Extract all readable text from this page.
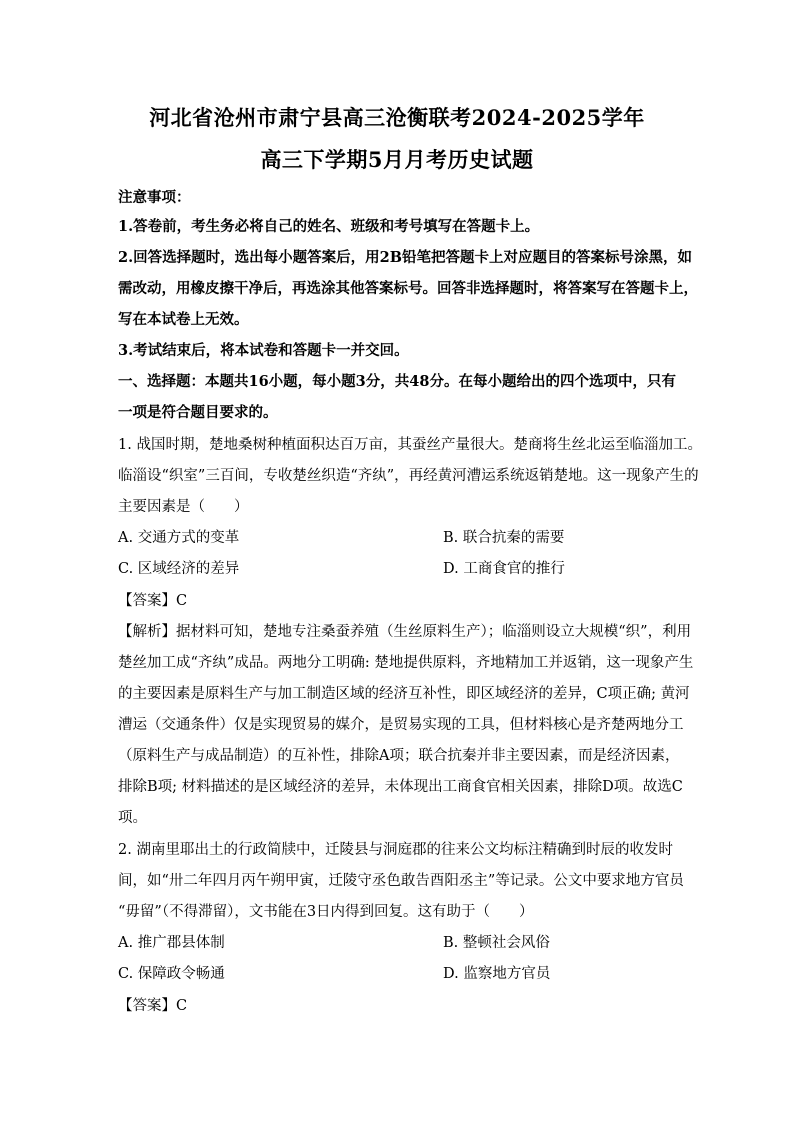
河北省沧州市肃宁县高三沧衡联考2024-2025学年
高三下学期5月月考历史试题
注意事项：
1.答卷前，考生务必将自己的姓名、班级和考号填写在答题卡上。
2.回答选择题时，选出每小题答案后，用2B铅笔把答题卡上对应题目的答案标号涂黑，如
需改动，用橡皮擦干净后，再选涂其他答案标号。回答非选择题时，将答案写在答题卡上，
写在本试卷上无效。
3.考试结束后，将本试卷和答题卡一并交回。
一、选择题：本题共16小题，每小题3分，共48分。在每小题给出的四个选项中，只有
一项是符合题目要求的。
1. 战国时期，楚地桑树种植面积达百万亩，其蚕丝产量很大。楚商将生丝北运至临淄加工。
临淄设“织室”三百间，专收楚丝织造“齐纨”，再经黄河漕运系统返销楚地。这一现象产生的
主要因素是（　　）
A. 交通方式的变革	B. 联合抗秦的需要
C. 区域经济的差异	D. 工商食官的推行
【答案】C
【解析】据材料可知，楚地专注桑蚕养殖（生丝原料生产）；临淄则设立大规模“织”，利用
楚丝加工成“齐纨”成品。两地分工明确: 楚地提供原料，齐地精加工并返销，这一现象产生
的主要因素是原料生产与加工制造区域的经济互补性，即区域经济的差异，C项正确; 黄河
漕运（交通条件）仅是实现贸易的媒介，是贸易实现的工具，但材料核心是齐楚两地分工
（原料生产与成品制造）的互补性，排除A项；联合抗秦并非主要因素，而是经济因素，
排除B项; 材料描述的是区域经济的差异，未体现出工商食官相关因素，排除D项。故选C
项。
2. 湖南里耶出土的行政简牍中，迁陵县与洞庭郡的往来公文均标注精确到时辰的收发时
间，如“卅二年四月丙午朔甲寅，迁陵守丞色敢告酉阳丞主”等记录。公文中要求地方官员
“毋留”（不得滞留），文书能在3日内得到回复。这有助于（　　）
A. 推广郡县体制	B. 整顿社会风俗
C. 保障政令畅通	D. 监察地方官员
【答案】C
